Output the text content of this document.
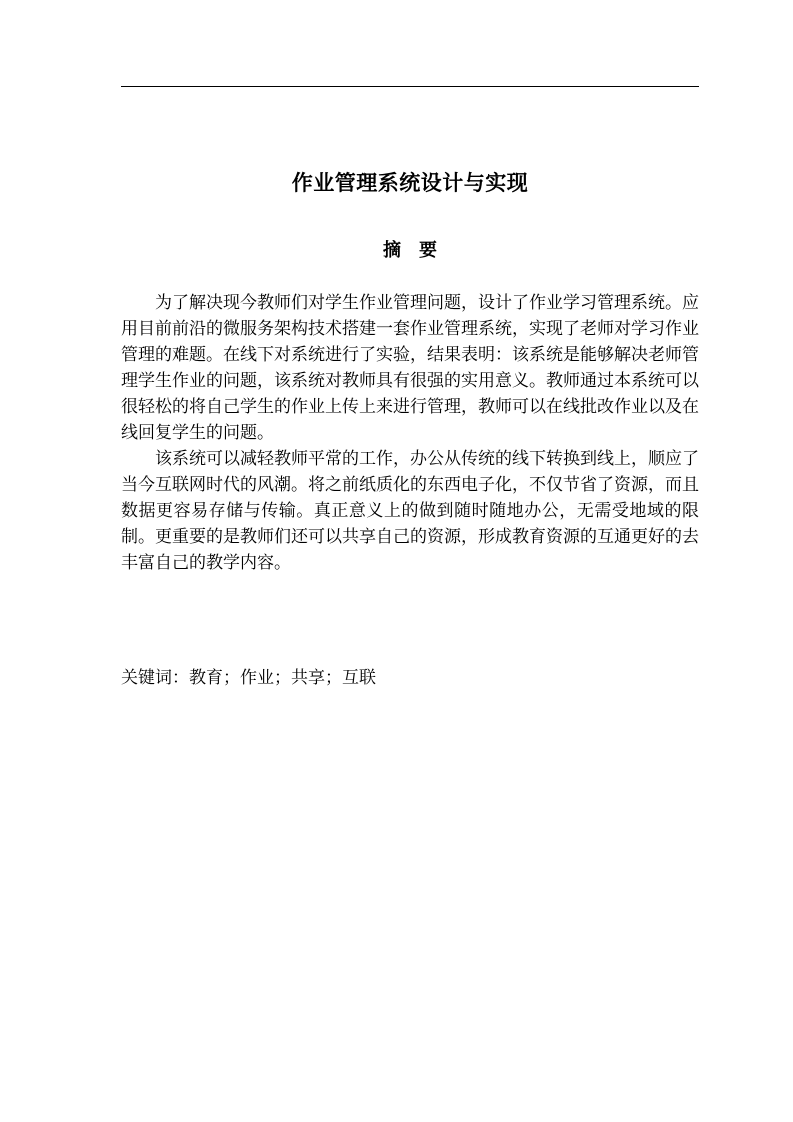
作业管理系统设计与实现
摘　要

为了解决现今教师们对学生作业管理问题，设计了作业学习管理系统。应用目前前沿的微服务架构技术搭建一套作业管理系统，实现了老师对学习作业管理的难题。在线下对系统进行了实验，结果表明：该系统是能够解决老师管理学生作业的问题，该系统对教师具有很强的实用意义。教师通过本系统可以很轻松的将自己学生的作业上传上来进行管理，教师可以在线批改作业以及在线回复学生的问题。

该系统可以减轻教师平常的工作，办公从传统的线下转换到线上，顺应了当今互联网时代的风潮。将之前纸质化的东西电子化，不仅节省了资源，而且数据更容易存储与传输。真正意义上的做到随时随地办公，无需受地域的限制。更重要的是教师们还可以共享自己的资源，形成教育资源的互通更好的去丰富自己的教学内容。

关键词：教育；作业；共享；互联
